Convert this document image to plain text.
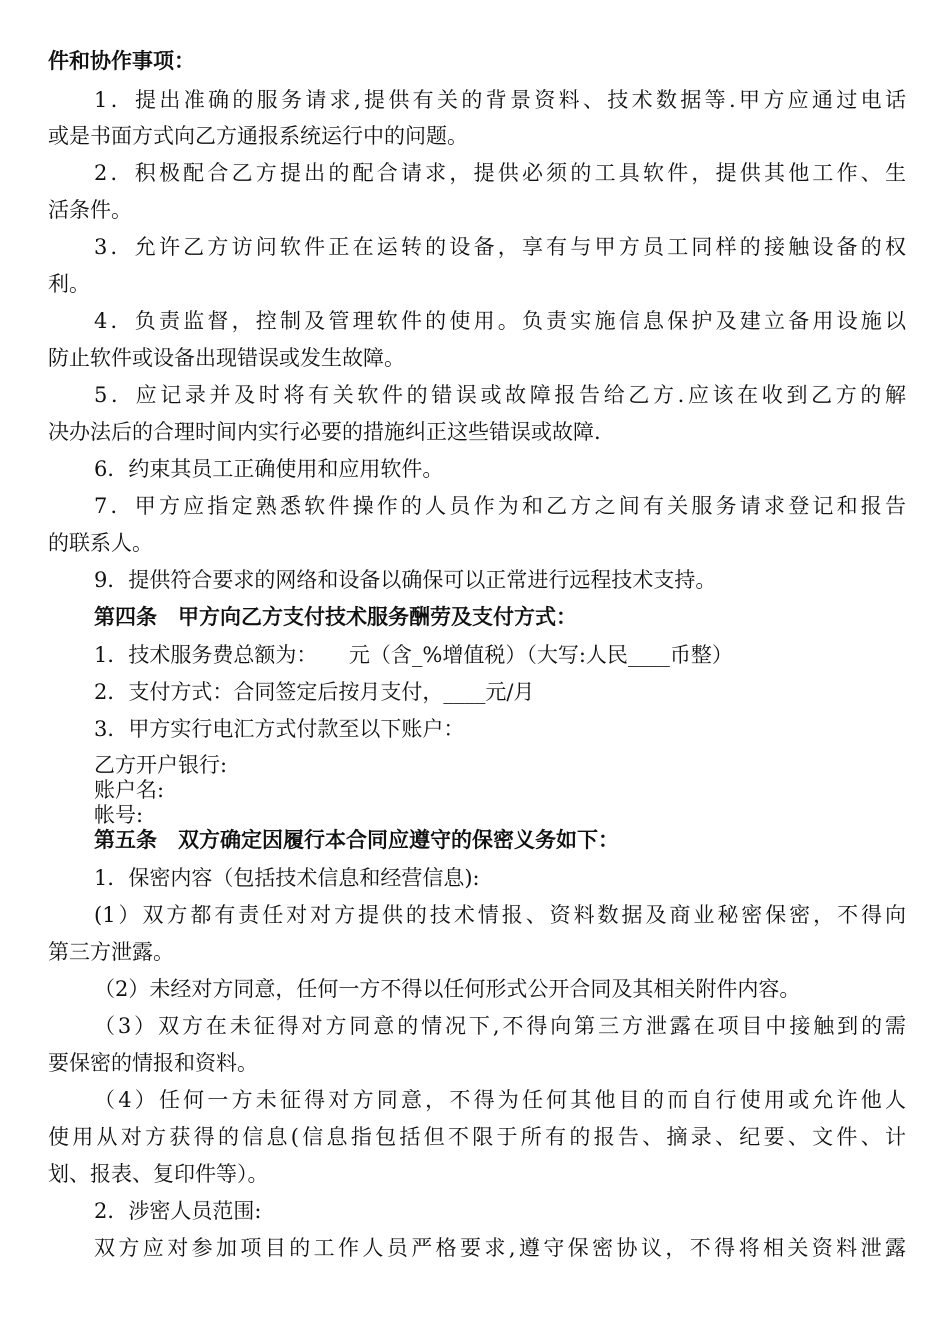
件和协作事项：
1．提出准确的服务请求,提供有关的背景资料、技术数据等.甲方应通过电话
或是书面方式向乙方通报系统运行中的问题。
2．积极配合乙方提出的配合请求，提供必须的工具软件，提供其他工作、生
活条件。
3．允许乙方访问软件正在运转的设备，享有与甲方员工同样的接触设备的权
利。
4．负责监督，控制及管理软件的使用。负责实施信息保护及建立备用设施以
防止软件或设备出现错误或发生故障。
5．应记录并及时将有关软件的错误或故障报告给乙方.应该在收到乙方的解
决办法后的合理时间内实行必要的措施纠正这些错误或故障.
6．约束其员工正确使用和应用软件。
7．甲方应指定熟悉软件操作的人员作为和乙方之间有关服务请求登记和报告
的联系人。
9．提供符合要求的网络和设备以确保可以正常进行远程技术支持。
第四条　甲方向乙方支付技术服务酬劳及支付方式：
1．技术服务费总额为：　　元（含_%增值税）（大写:人民____币整）
2．支付方式：合同签定后按月支付，____元/月
3．甲方实行电汇方式付款至以下账户：
乙方开户银行:
账户名:
帐号:
第五条　双方确定因履行本合同应遵守的保密义务如下：
1．保密内容（包括技术信息和经营信息):
(1）双方都有责任对对方提供的技术情报、资料数据及商业秘密保密，不得向
第三方泄露。
（2）未经对方同意，任何一方不得以任何形式公开合同及其相关附件内容。
（3）双方在未征得对方同意的情况下,不得向第三方泄露在项目中接触到的需
要保密的情报和资料。
（4）任何一方未征得对方同意，不得为任何其他目的而自行使用或允许他人
使用从对方获得的信息(信息指包括但不限于所有的报告、摘录、纪要、文件、计
划、报表、复印件等）。
2．涉密人员范围:
双方应对参加项目的工作人员严格要求,遵守保密协议，不得将相关资料泄露
